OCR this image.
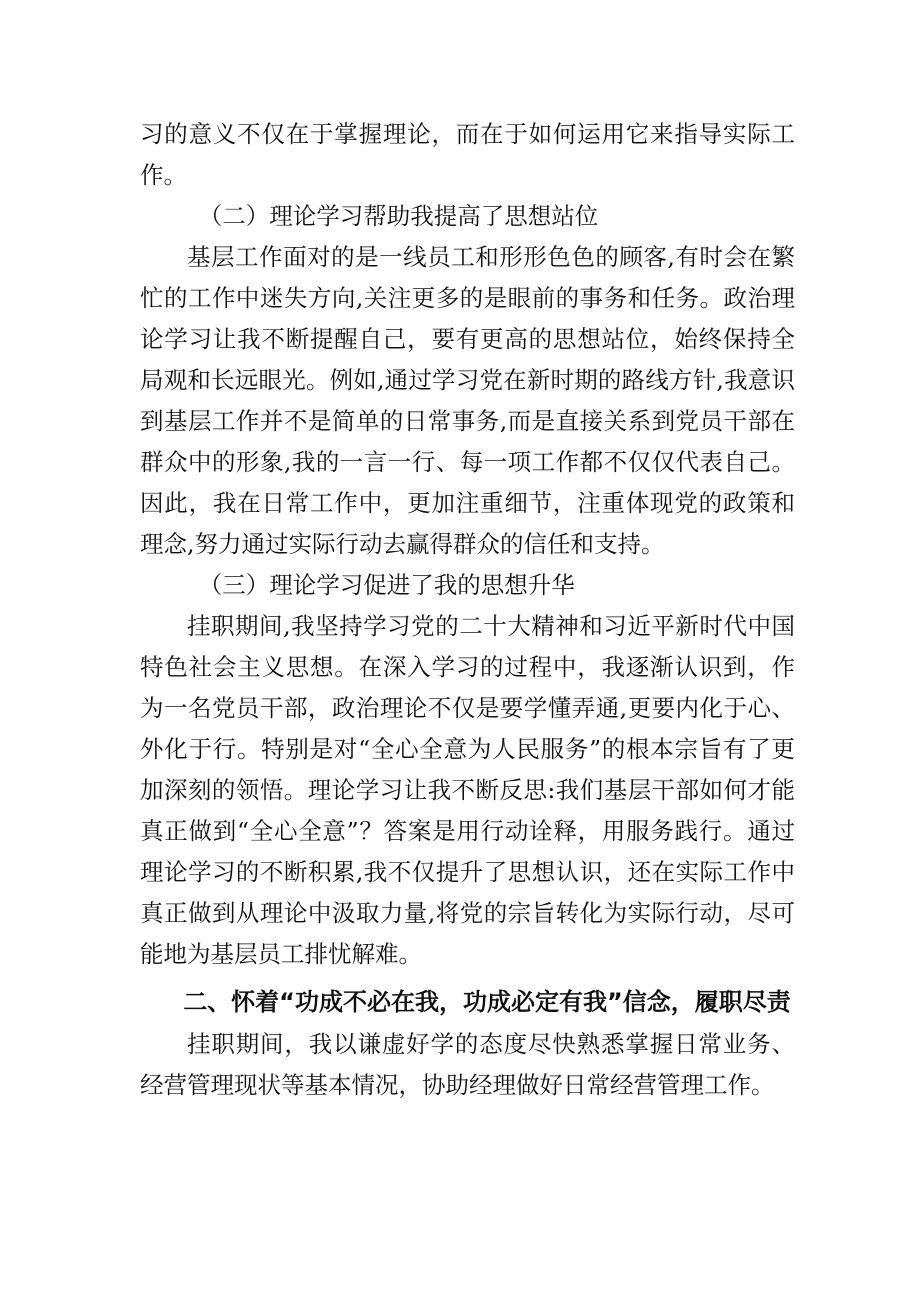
习的意义不仅在于掌握理论，而在于如何运用它来指导实际工作。

（二）理论学习帮助我提高了思想站位

基层工作面对的是一线员工和形形色色的顾客,有时会在繁忙的工作中迷失方向,关注更多的是眼前的事务和任务。政治理论学习让我不断提醒自己，要有更高的思想站位，始终保持全局观和长远眼光。例如,通过学习党在新时期的路线方针,我意识到基层工作并不是简单的日常事务,而是直接关系到党员干部在群众中的形象,我的一言一行、每一项工作都不仅仅代表自己。因此，我在日常工作中，更加注重细节，注重体现党的政策和理念,努力通过实际行动去赢得群众的信任和支持。

（三）理论学习促进了我的思想升华

挂职期间,我坚持学习党的二十大精神和习近平新时代中国特色社会主义思想。在深入学习的过程中，我逐渐认识到，作为一名党员干部，政治理论不仅是要学懂弄通,更要内化于心、外化于行。特别是对“全心全意为人民服务”的根本宗旨有了更加深刻的领悟。理论学习让我不断反思:我们基层干部如何才能真正做到“全心全意”？答案是用行动诠释，用服务践行。通过理论学习的不断积累,我不仅提升了思想认识，还在实际工作中真正做到从理论中汲取力量,将党的宗旨转化为实际行动，尽可能地为基层员工排忧解难。

二、怀着“功成不必在我，功成必定有我”信念，履职尽责

挂职期间，我以谦虚好学的态度尽快熟悉掌握日常业务、经营管理现状等基本情况，协助经理做好日常经营管理工作。
